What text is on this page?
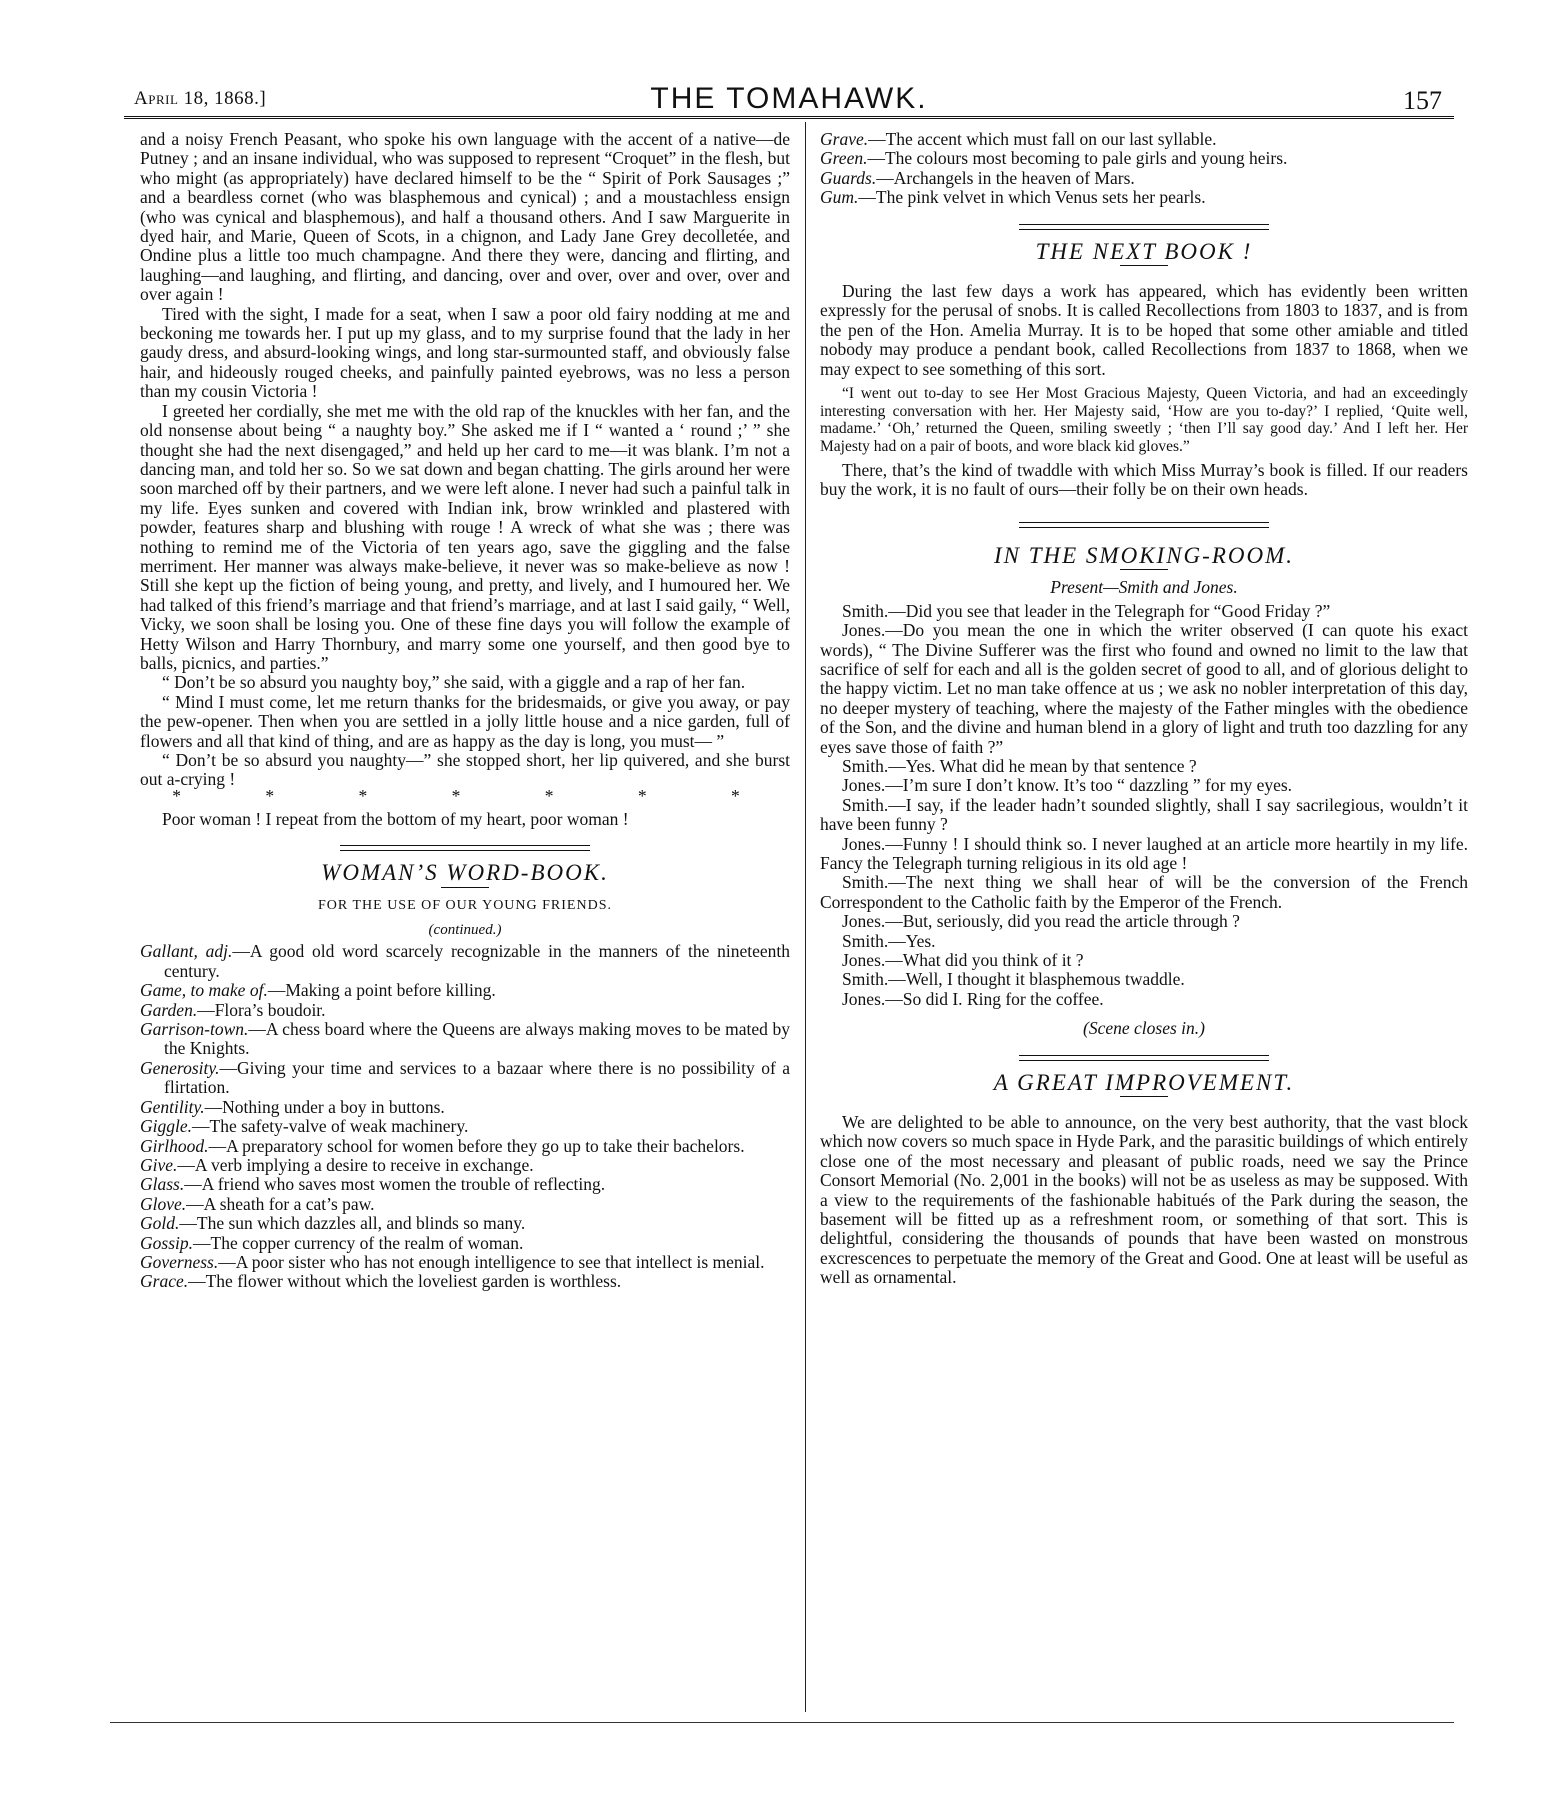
April 18, 1868.]	THE TOMAHAWK.	157

and a noisy French Peasant, who spoke his own language with the accent of a native—de Putney ; and an insane individual, who was supposed to represent “Croquet” in the flesh, but who might (as appropriately) have declared himself to be the “ Spirit of Pork Sausages ;” and a beardless cornet (who was blasphemous and cynical) ; and a moustachless ensign (who was cynical and blasphemous), and half a thousand others. And I saw Marguerite in dyed hair, and Marie, Queen of Scots, in a chignon, and Lady Jane Grey decolletée, and Ondine plus a little too much champagne. And there they were, dancing and flirting, and laughing—and laughing, and flirting, and dancing, over and over, over and over, over and over again !

Tired with the sight, I made for a seat, when I saw a poor old fairy nodding at me and beckoning me towards her. I put up my glass, and to my surprise found that the lady in her gaudy dress, and absurd-looking wings, and long star-surmounted staff, and obviously false hair, and hideously rouged cheeks, and painfully painted eyebrows, was no less a person than my cousin Victoria !

I greeted her cordially, she met me with the old rap of the knuckles with her fan, and the old nonsense about being “ a naughty boy.” She asked me if I “ wanted a ‘ round ;’ ” she thought she had the next disengaged,” and held up her card to me—it was blank. I’m not a dancing man, and told her so. So we sat down and began chatting. The girls around her were soon marched off by their partners, and we were left alone. I never had such a painful talk in my life. Eyes sunken and covered with Indian ink, brow wrinkled and plastered with powder, features sharp and blushing with rouge ! A wreck of what she was ; there was nothing to remind me of the Victoria of ten years ago, save the giggling and the false merriment. Her manner was always make-believe, it never was so make-believe as now ! Still she kept up the fiction of being young, and pretty, and lively, and I humoured her. We had talked of this friend’s marriage and that friend’s marriage, and at last I said gaily, “ Well, Vicky, we soon shall be losing you. One of these fine days you will follow the example of Hetty Wilson and Harry Thornbury, and marry some one yourself, and then good bye to balls, picnics, and parties.”

“ Don’t be so absurd you naughty boy,” she said, with a giggle and a rap of her fan.

“ Mind I must come, let me return thanks for the bridesmaids, or give you away, or pay the pew-opener. Then when you are settled in a jolly little house and a nice garden, full of flowers and all that kind of thing, and are as happy as the day is long, you must— ”

“ Don’t be so absurd you naughty—” she stopped short, her lip quivered, and she burst out a-crying !

* * * * * * *

Poor woman ! I repeat from the bottom of my heart, poor woman !

WOMAN’S WORD-BOOK.
FOR THE USE OF OUR YOUNG FRIENDS.
(continued.)

Gallant, adj.—A good old word scarcely recognizable in the manners of the nineteenth century.

Game, to make of.—Making a point before killing.

Garden.—Flora’s boudoir.

Garrison-town.—A chess board where the Queens are always making moves to be mated by the Knights.

Generosity.—Giving your time and services to a bazaar where there is no possibility of a flirtation.

Gentility.—Nothing under a boy in buttons.

Giggle.—The safety-valve of weak machinery.

Girlhood.—A preparatory school for women before they go up to take their bachelors.

Give.—A verb implying a desire to receive in exchange.

Glass.—A friend who saves most women the trouble of reflecting.

Glove.—A sheath for a cat’s paw.

Gold.—The sun which dazzles all, and blinds so many.

Gossip.—The copper currency of the realm of woman.

Governess.—A poor sister who has not enough intelligence to see that intellect is menial.

Grace.—The flower without which the loveliest garden is worthless.

Grave.—The accent which must fall on our last syllable.

Green.—The colours most becoming to pale girls and young heirs.

Guards.—Archangels in the heaven of Mars.

Gum.—The pink velvet in which Venus sets her pearls.

THE NEXT BOOK !

During the last few days a work has appeared, which has evidently been written expressly for the perusal of snobs. It is called Recollections from 1803 to 1837, and is from the pen of the Hon. Amelia Murray. It is to be hoped that some other amiable and titled nobody may produce a pendant book, called Recollections from 1837 to 1868, when we may expect to see something of this sort.

“I went out to-day to see Her Most Gracious Majesty, Queen Victoria, and had an exceedingly interesting conversation with her. Her Majesty said, ‘How are you to-day?’ I replied, ‘Quite well, madame.’ ‘Oh,’ returned the Queen, smiling sweetly ; ‘then I’ll say good day.’ And I left her. Her Majesty had on a pair of boots, and wore black kid gloves.”

There, that’s the kind of twaddle with which Miss Murray’s book is filled. If our readers buy the work, it is no fault of ours—their folly be on their own heads.

IN THE SMOKING-ROOM.
Present—Smith and Jones.

Smith.—Did you see that leader in the Telegraph for “Good Friday ?”

Jones.—Do you mean the one in which the writer observed (I can quote his exact words), “ The Divine Sufferer was the first who found and owned no limit to the law that sacrifice of self for each and all is the golden secret of good to all, and of glorious delight to the happy victim. Let no man take offence at us ; we ask no nobler interpretation of this day, no deeper mystery of teaching, where the majesty of the Father mingles with the obedience of the Son, and the divine and human blend in a glory of light and truth too dazzling for any eyes save those of faith ?”

Smith.—Yes. What did he mean by that sentence ?

Jones.—I’m sure I don’t know. It’s too “ dazzling ” for my eyes.

Smith.—I say, if the leader hadn’t sounded slightly, shall I say sacrilegious, wouldn’t it have been funny ?

Jones.—Funny ! I should think so. I never laughed at an article more heartily in my life. Fancy the Telegraph turning religious in its old age !

Smith.—The next thing we shall hear of will be the conversion of the French Correspondent to the Catholic faith by the Emperor of the French.

Jones.—But, seriously, did you read the article through ?

Smith.—Yes.

Jones.—What did you think of it ?

Smith.—Well, I thought it blasphemous twaddle.

Jones.—So did I. Ring for the coffee.

(Scene closes in.)
A GREAT IMPROVEMENT.

We are delighted to be able to announce, on the very best authority, that the vast block which now covers so much space in Hyde Park, and the parasitic buildings of which entirely close one of the most necessary and pleasant of public roads, need we say the Prince Consort Memorial (No. 2,001 in the books) will not be as useless as may be supposed. With a view to the requirements of the fashionable habitués of the Park during the season, the basement will be fitted up as a refreshment room, or something of that sort. This is delightful, considering the thousands of pounds that have been wasted on monstrous excrescences to perpetuate the memory of the Great and Good. One at least will be useful as well as ornamental.
